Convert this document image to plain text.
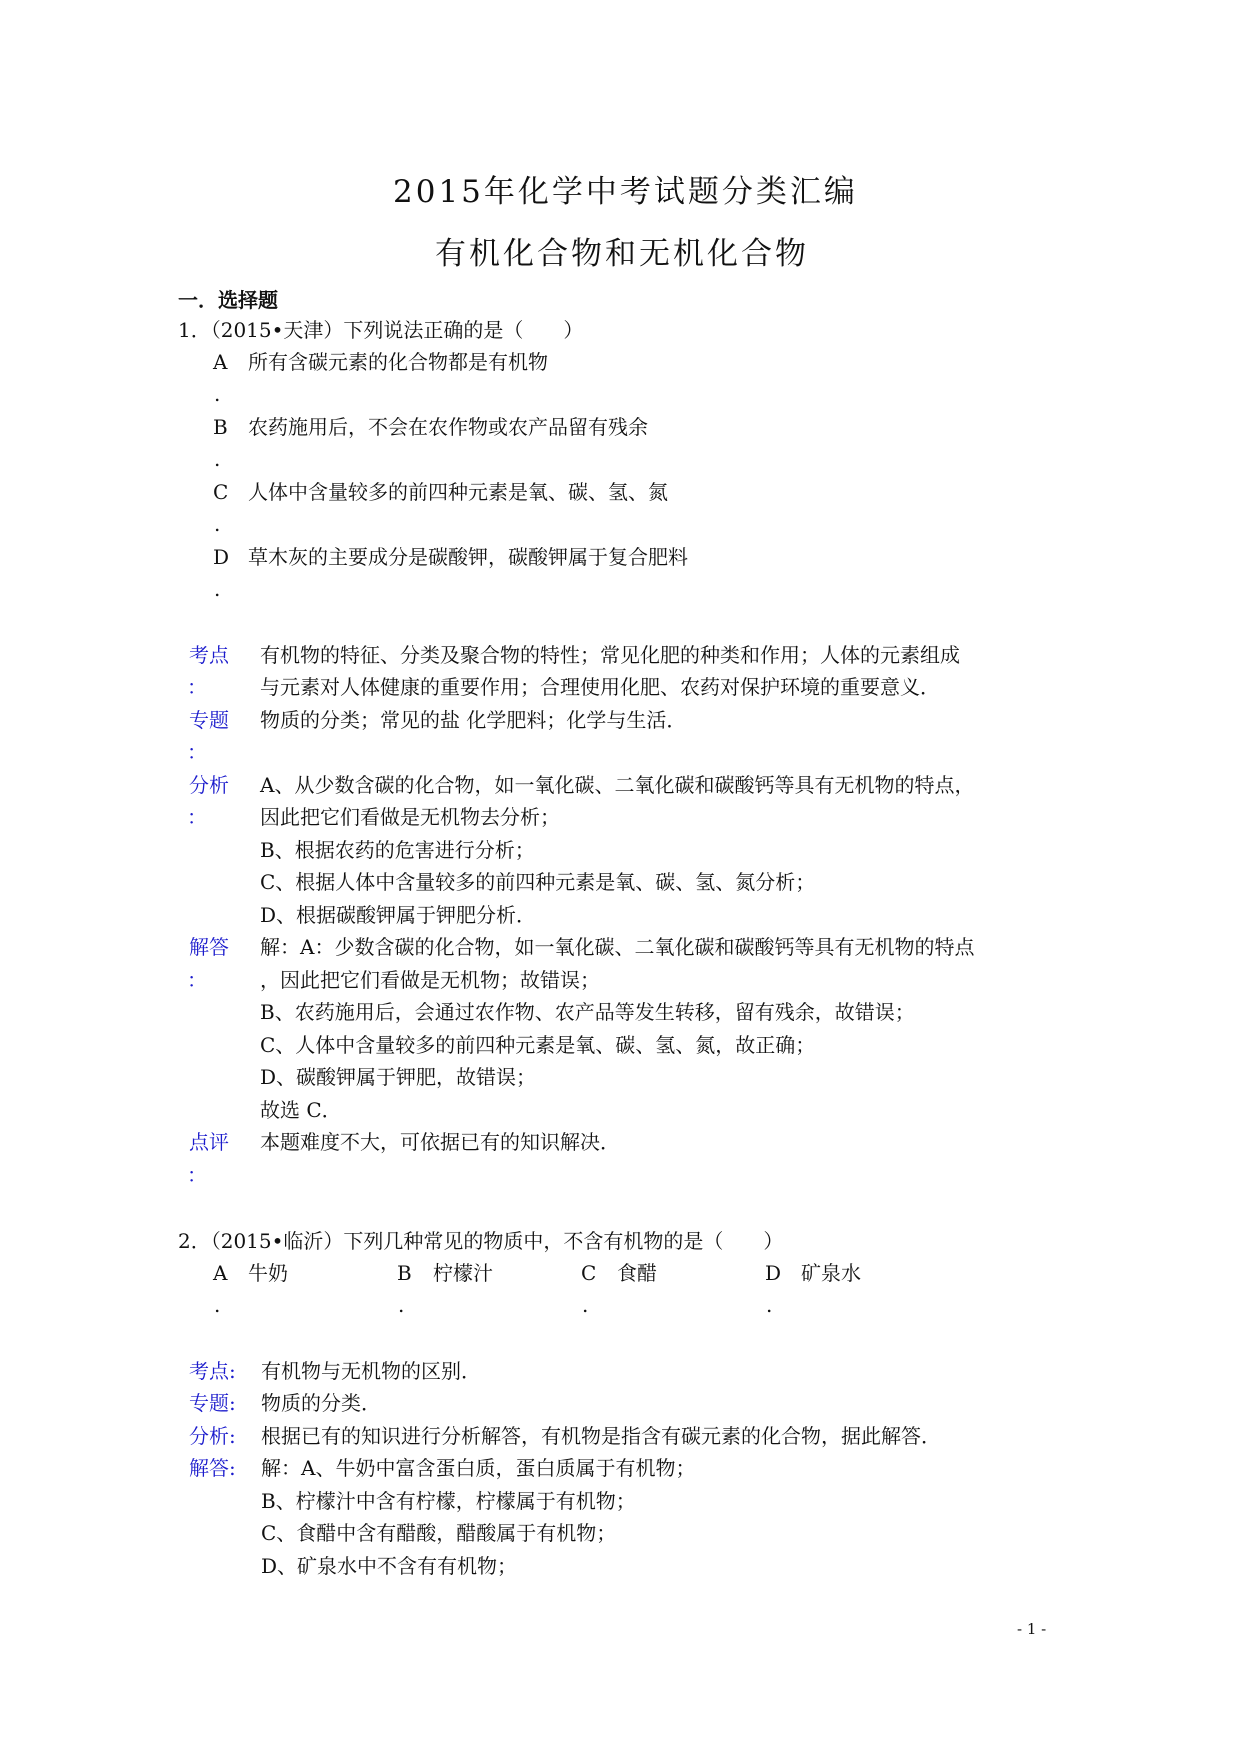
2015年化学中考试题分类汇编
有机化合物和无机化合物
一．选择题
1．（2015•天津）下列说法正确的是（　　）
A 所有含碳元素的化合物都是有机物
.
B 农药施用后，不会在农作物或农产品留有残余
.
C 人体中含量较多的前四种元素是氧、碳、氢、氮
.
D 草木灰的主要成分是碳酸钾，碳酸钾属于复合肥料
.
考点
：
有机物的特征、分类及聚合物的特性；常见化肥的种类和作用；人体的元素组成
与元素对人体健康的重要作用；合理使用化肥、农药对保护环境的重要意义．
专题
：
物质的分类；常见的盐 化学肥料；化学与生活．
分析
：
A、从少数含碳的化合物，如一氧化碳、二氧化碳和碳酸钙等具有无机物的特点，
因此把它们看做是无机物去分析；
B、根据农药的危害进行分析；
C、根据人体中含量较多的前四种元素是氧、碳、氢、氮分析；
D、根据碳酸钾属于钾肥分析．
解答
：
解：A：少数含碳的化合物，如一氧化碳、二氧化碳和碳酸钙等具有无机物的特点
，因此把它们看做是无机物；故错误；
B、农药施用后，会通过农作物、农产品等发生转移，留有残余，故错误；
C、人体中含量较多的前四种元素是氧、碳、氢、氮，故正确；
D、碳酸钾属于钾肥，故错误；
故选 C．
点评
：
本题难度不大，可依据已有的知识解决．
2．（2015•临沂）下列几种常见的物质中，不含有机物的是（　　）
A 牛奶
.
B 柠檬汁
.
C 食醋
.
D 矿泉水
.
考点: 有机物与无机物的区别．
专题: 物质的分类．
分析: 根据已有的知识进行分析解答，有机物是指含有碳元素的化合物，据此解答．
解答: 解：A、牛奶中富含蛋白质，蛋白质属于有机物；
B、柠檬汁中含有柠檬，柠檬属于有机物；
C、食醋中含有醋酸，醋酸属于有机物；
D、矿泉水中不含有有机物；
- 1 -
